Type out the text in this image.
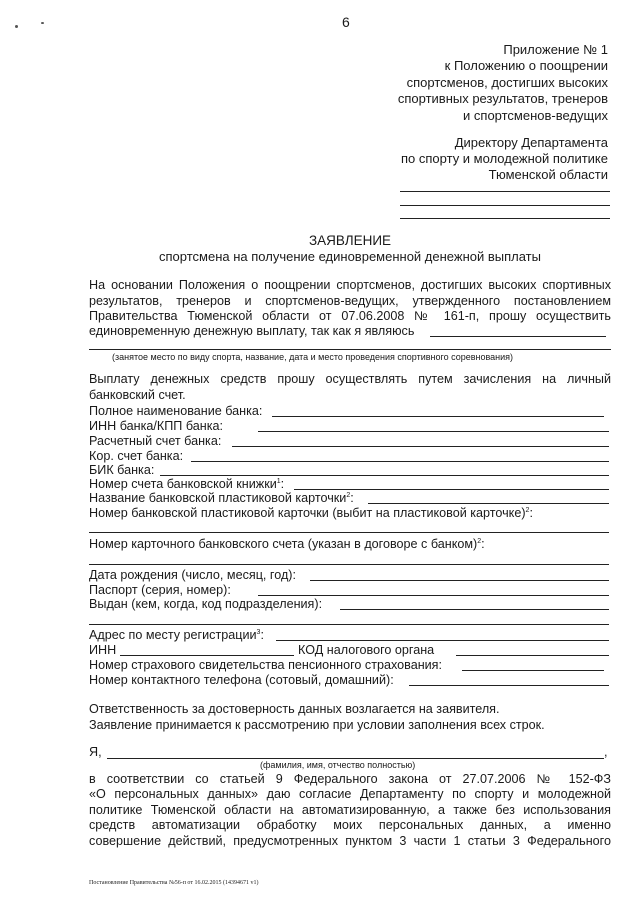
6
Приложение № 1
к Положению о поощрении
спортсменов, достигших высоких
спортивных результатов, тренеров
и спортсменов-ведущих
Директору Департамента
по спорту и молодежной политике
Тюменской области
ЗАЯВЛЕНИЕ
спортсмена на получение единовременной денежной выплаты
На основании Положения о поощрении спортсменов, достигших высоких спортивных
результатов, тренеров и спортсменов-ведущих, утвержденного постановлением
Правительства Тюменской области от 07.06.2008 № 161-п, прошу осуществить
единовременную денежную выплату, так как я являюсь
(занятое место по виду спорта, название, дата и место проведения спортивного соревнования)
Выплату денежных средств прошу осуществлять путем зачисления на личный
банковский счет.
Полное наименование банка:
ИНН банка/КПП банка:
Расчетный счет банка:
Кор. счет банка:
БИК банка:
Номер счета банковской книжки$^1$:
Название банковской пластиковой карточки$^2$:
Номер банковской пластиковой карточки (выбит на пластиковой карточке)$^2$:
Номер карточного банковского счета (указан в договоре с банком)$^2$:
Дата рождения (число, месяц, год):
Паспорт (серия, номер):
Выдан (кем, когда, код подразделения):
Адрес по месту регистрации$^3$:
ИНН	КОД налогового органа
Номер страхового свидетельства пенсионного страхования:
Номер контактного телефона (сотовый, домашний):
Ответственность за достоверность данных возлагается на заявителя.
Заявление принимается к рассмотрению при условии заполнения всех строк.
Я,	,
(фамилия, имя, отчество полностью)
в соответствии со статьей 9 Федерального закона от 27.07.2006 № 152-ФЗ
«О персональных данных» даю согласие Департаменту по спорту и молодежной
политике Тюменской области на автоматизированную, а также без использования
средств автоматизации обработку моих персональных данных, а именно
совершение действий, предусмотренных пунктом 3 части 1 статьи 3 Федерального
Постановление Правительства №56-п от 16.02.2015 (14394671 v1)
